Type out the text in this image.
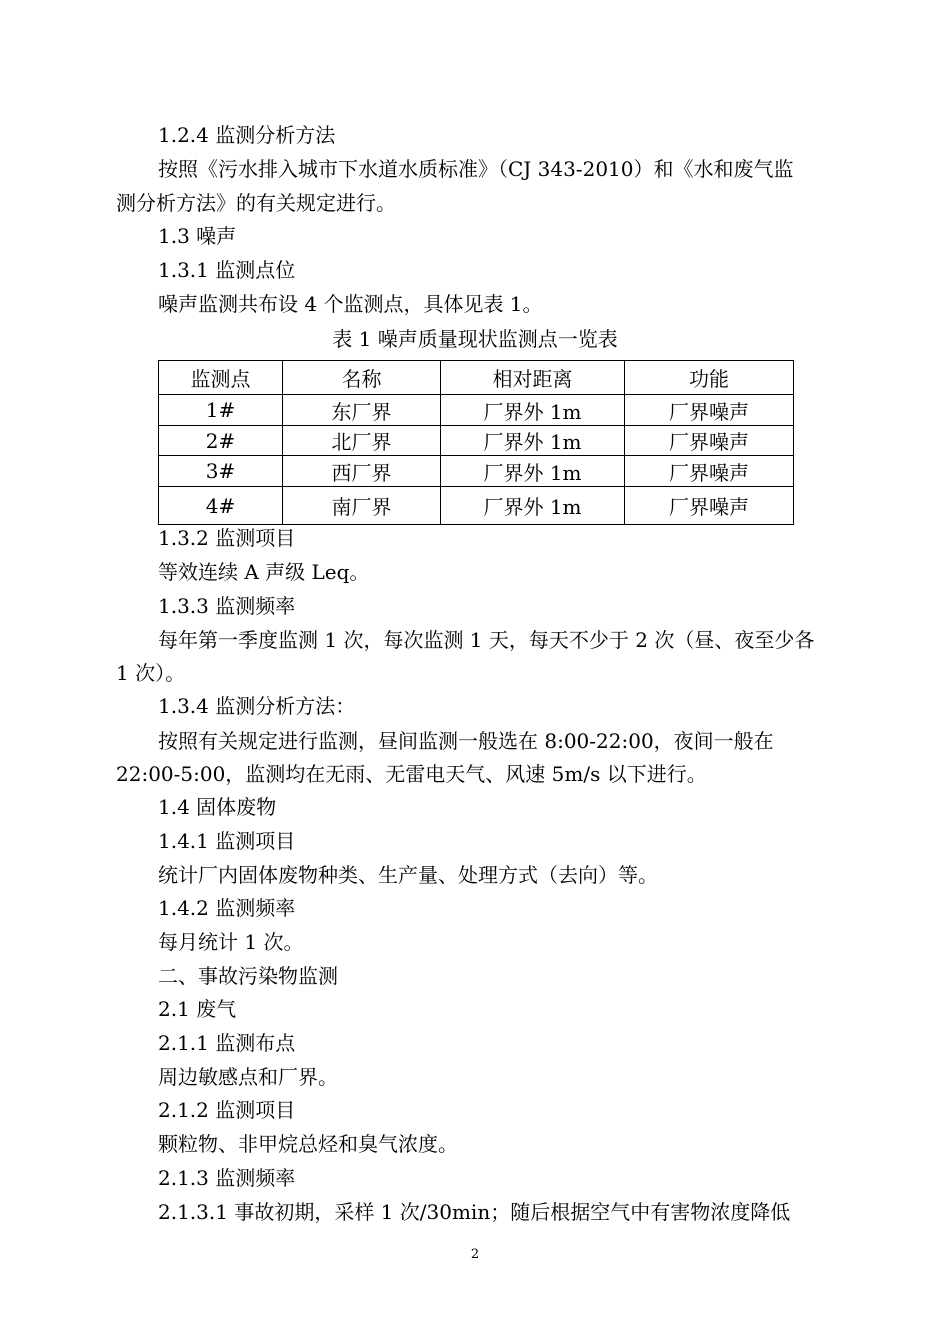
1.2.4 监测分析方法
按照《污水排入城市下水道水质标准》（CJ 343-2010）和《水和废气监
测分析方法》的有关规定进行。
1.3 噪声
1.3.1 监测点位
噪声监测共布设 4 个监测点，具体见表 1。
表 1 噪声质量现状监测点一览表
监测点	名称	相对距离	功能
1#	东厂界	厂界外 1m	厂界噪声
2#	北厂界	厂界外 1m	厂界噪声
3#	西厂界	厂界外 1m	厂界噪声
4#	南厂界	厂界外 1m	厂界噪声
1.3.2 监测项目
等效连续 A 声级 Leq。
1.3.3 监测频率
每年第一季度监测 1 次，每次监测 1 天，每天不少于 2 次（昼、夜至少各
1 次）。
1.3.4 监测分析方法：
按照有关规定进行监测，昼间监测一般选在 8:00-22:00，夜间一般在
22:00-5:00，监测均在无雨、无雷电天气、风速 5m/s 以下进行。
1.4 固体废物
1.4.1 监测项目
统计厂内固体废物种类、生产量、处理方式（去向）等。
1.4.2 监测频率
每月统计 1 次。
二、事故污染物监测
2.1 废气
2.1.1 监测布点
周边敏感点和厂界。
2.1.2 监测项目
颗粒物、非甲烷总烃和臭气浓度。
2.1.3 监测频率
2.1.3.1 事故初期，采样 1 次/30min；随后根据空气中有害物浓度降低
2
